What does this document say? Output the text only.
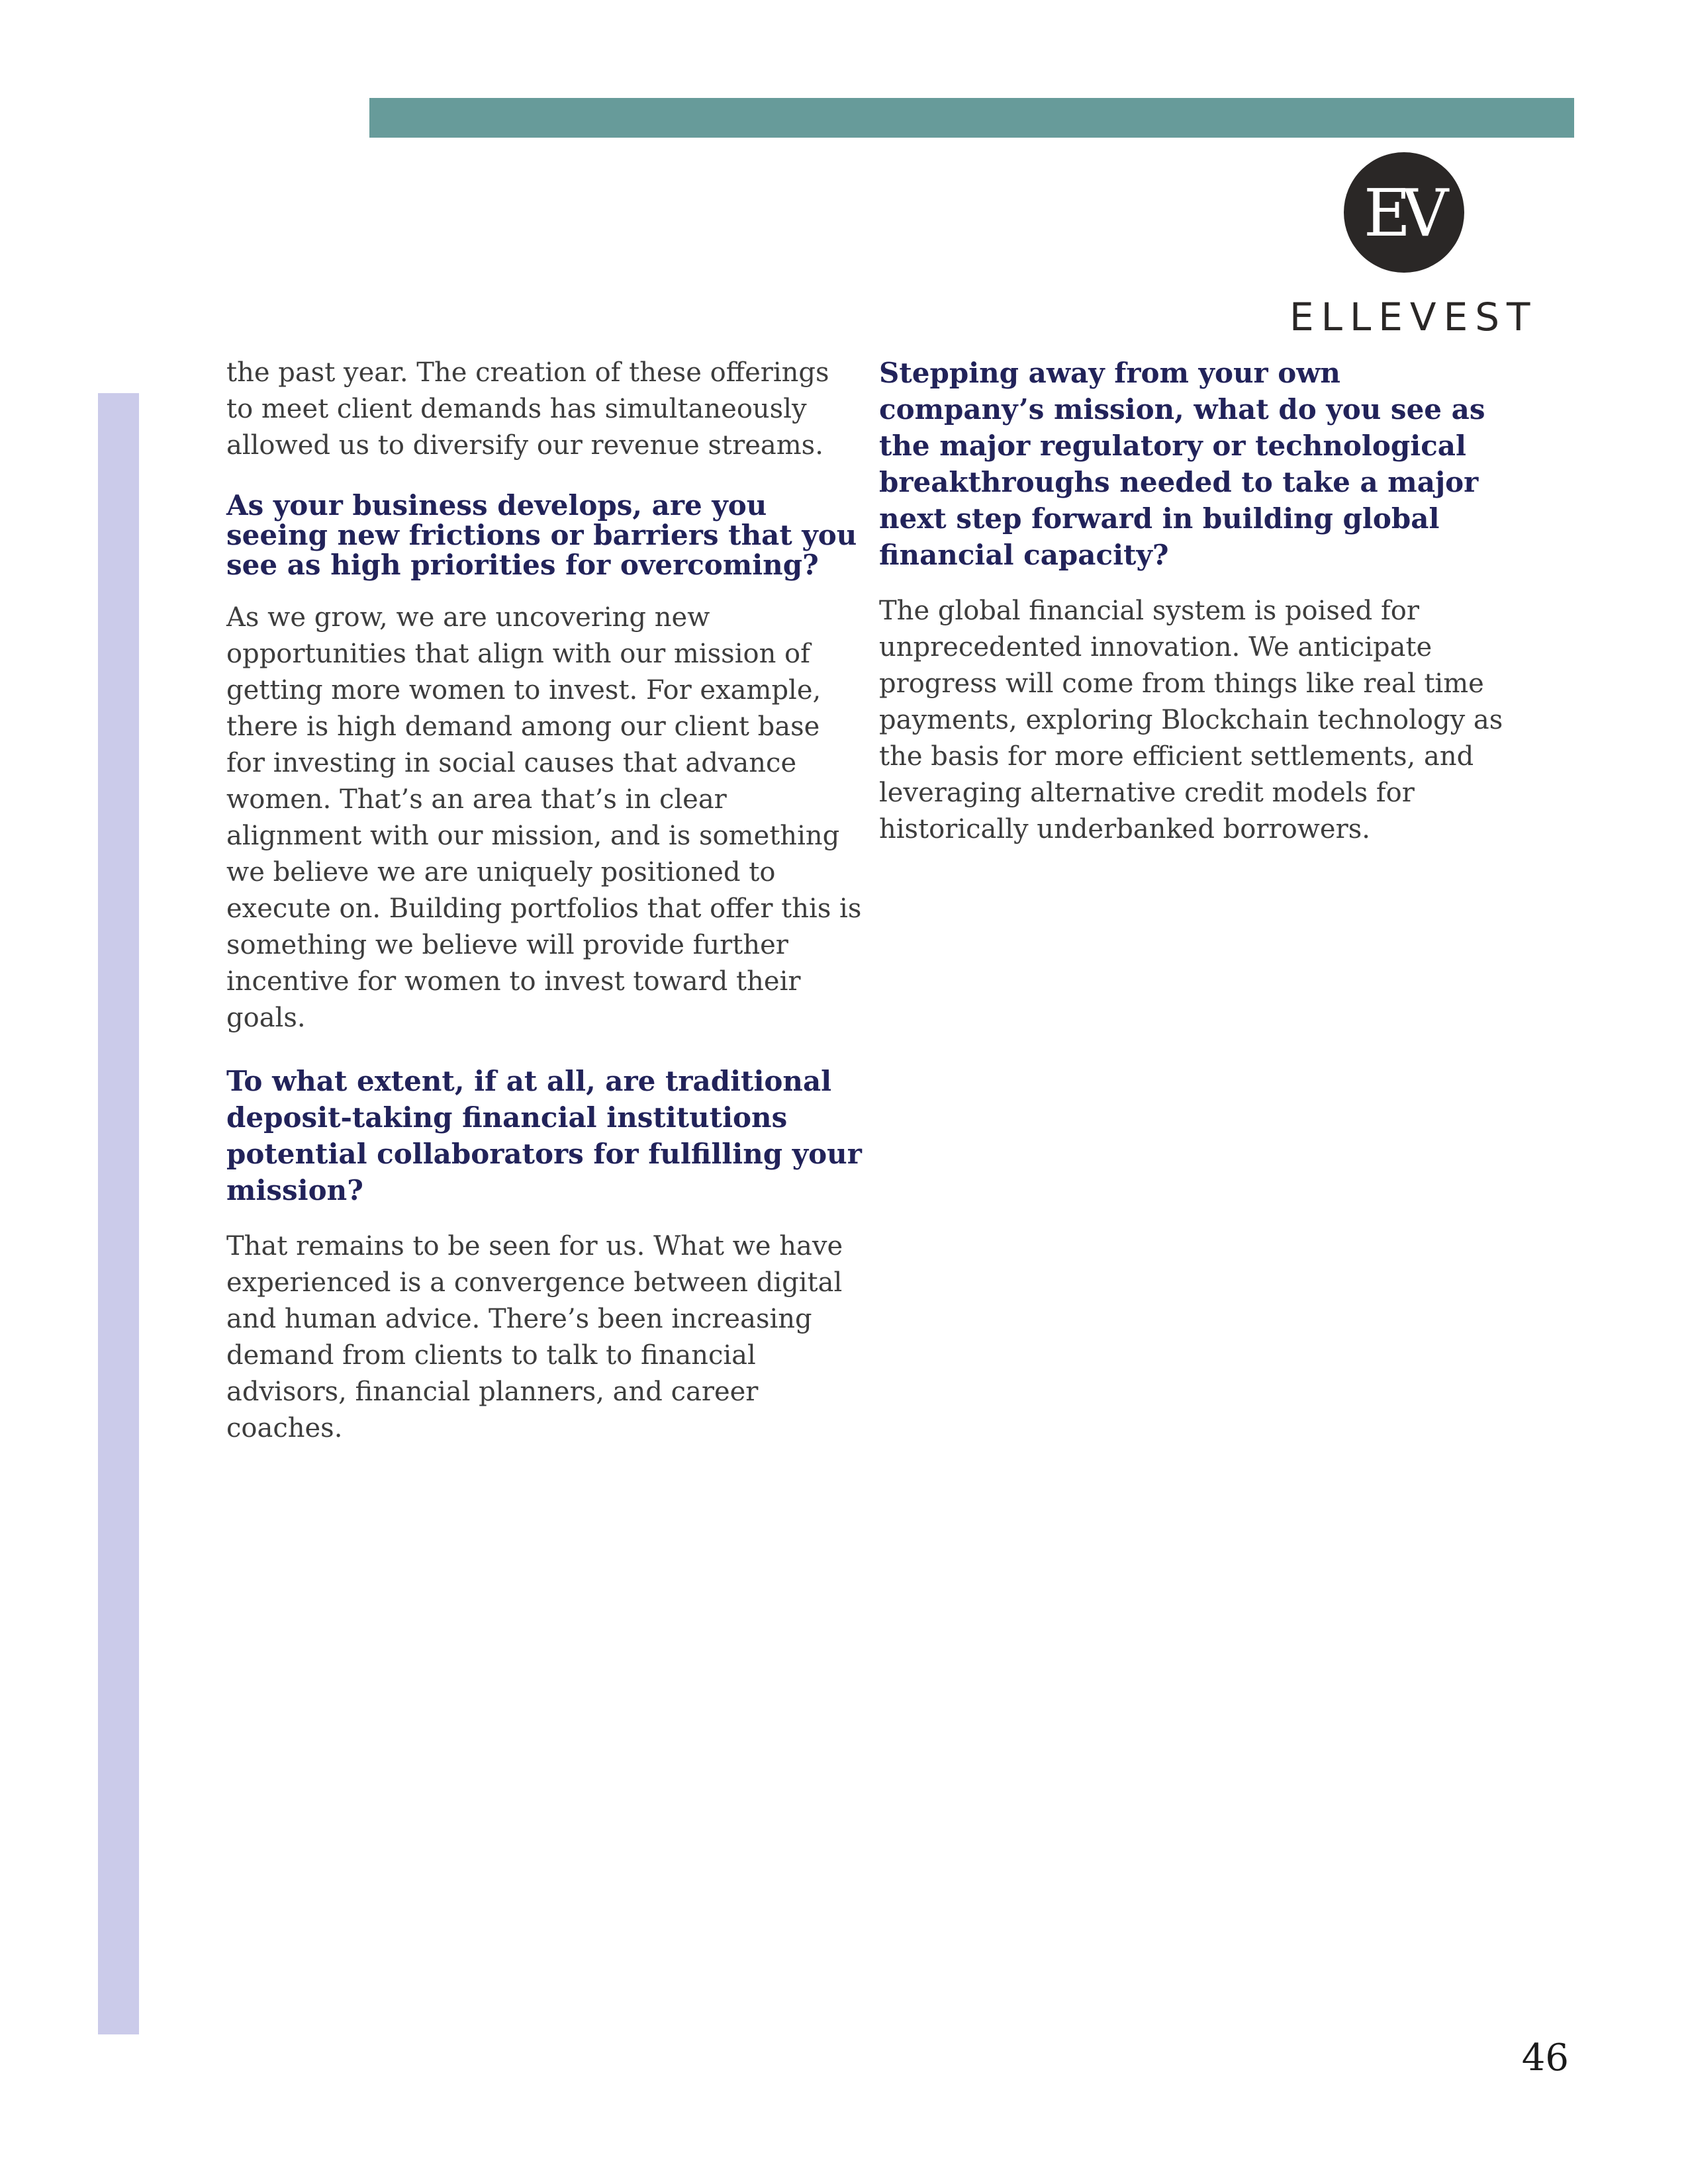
EV
ELLEVEST

the past year. The creation of these offerings to meet client demands has simultaneously allowed us to diversify our revenue streams.

As your business develops, are you seeing new frictions or barriers that you see as high priorities for overcoming?

As we grow, we are uncovering new opportunities that align with our mission of getting more women to invest. For example, there is high demand among our client base for investing in social causes that advance women. That’s an area that’s in clear alignment with our mission, and is something we believe we are uniquely positioned to execute on. Building portfolios that offer this is something we believe will provide further incentive for women to invest toward their goals.

To what extent, if at all, are traditional deposit-taking financial institutions potential collaborators for fulfilling your mission?

That remains to be seen for us. What we have experienced is a convergence between digital and human advice. There’s been increasing demand from clients to talk to financial advisors, financial planners, and career coaches.

Stepping away from your own company’s mission, what do you see as the major regulatory or technological breakthroughs needed to take a major next step forward in building global financial capacity?

The global financial system is poised for unprecedented innovation. We anticipate progress will come from things like real time payments, exploring Blockchain technology as the basis for more efficient settlements, and leveraging alternative credit models for historically underbanked borrowers.

46
